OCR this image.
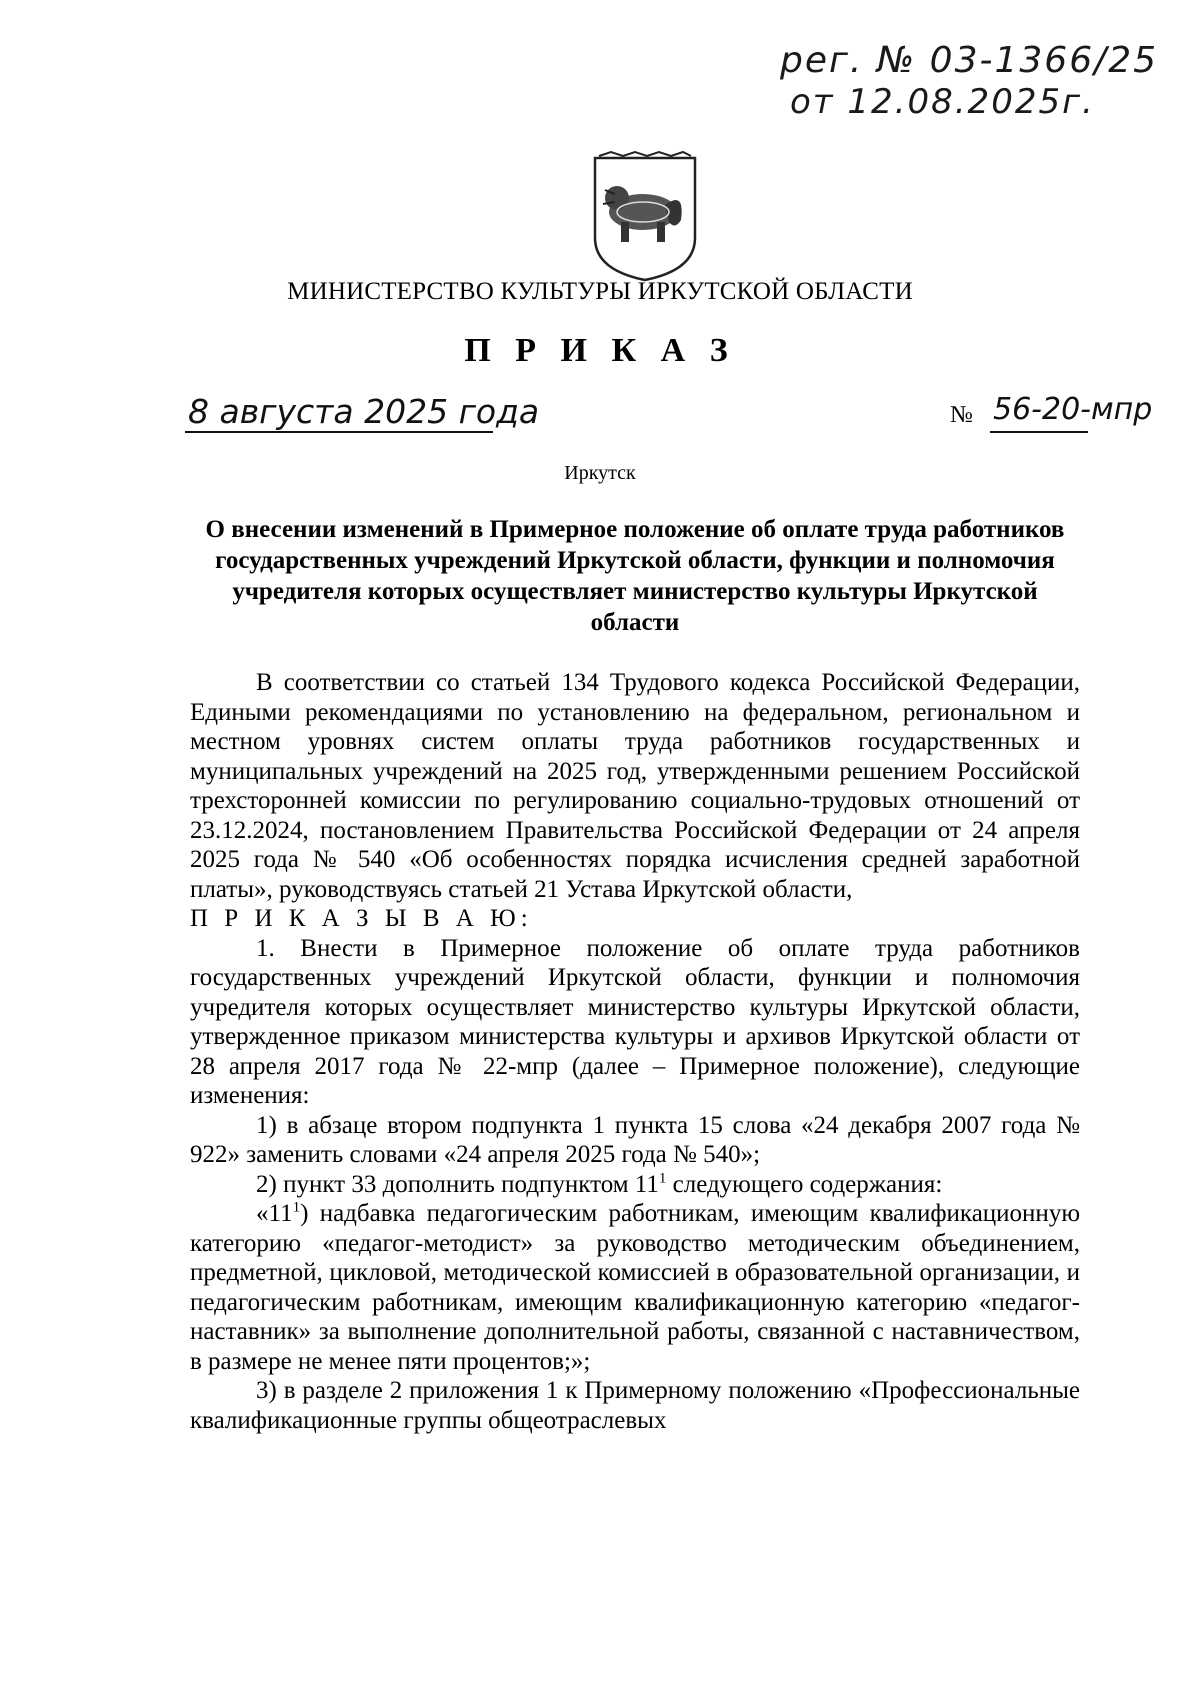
рег. № 03-1366/25
от 12.08.2025г.
МИНИСТЕРСТВО КУЛЬТУРЫ ИРКУТСКОЙ ОБЛАСТИ
П Р И К А З
8 августа 2025 года	№ 56-20-мпр
Иркутск
О внесении изменений в Примерное положение об оплате труда работников государственных учреждений Иркутской области, функции и полномочия учредителя которых осуществляет министерство культуры Иркутской области

В соответствии со статьей 134 Трудового кодекса Российской Федерации, Едиными рекомендациями по установлению на федеральном, региональном и местном уровнях систем оплаты труда работников государственных и муниципальных учреждений на 2025 год, утвержденными решением Российской трехсторонней комиссии по регулированию социально-трудовых отношений от 23.12.2024, постановлением Правительства Российской Федерации от 24 апреля 2025 года № 540 «Об особенностях порядка исчисления средней заработной платы», руководствуясь статьей 21 Устава Иркутской области,

П Р И К А З Ы В А Ю:

1. Внести в Примерное положение об оплате труда работников государственных учреждений Иркутской области, функции и полномочия учредителя которых осуществляет министерство культуры Иркутской области, утвержденное приказом министерства культуры и архивов Иркутской области от 28 апреля 2017 года № 22-мпр (далее – Примерное положение), следующие изменения:

1) в абзаце втором подпункта 1 пункта 15 слова «24 декабря 2007 года № 922» заменить словами «24 апреля 2025 года № 540»;

2) пункт 33 дополнить подпунктом $11^1$ следующего содержания:

«$11^1$) надбавка педагогическим работникам, имеющим квалификационную категорию «педагог-методист» за руководство методическим объединением, предметной, цикловой, методической комиссией в образовательной организации, и педагогическим работникам, имеющим квалификационную категорию «педагог-наставник» за выполнение дополнительной работы, связанной с наставничеством, в размере не менее пяти процентов;»;

3) в разделе 2 приложения 1 к Примерному положению «Профессиональные квалификационные группы общеотраслевых
